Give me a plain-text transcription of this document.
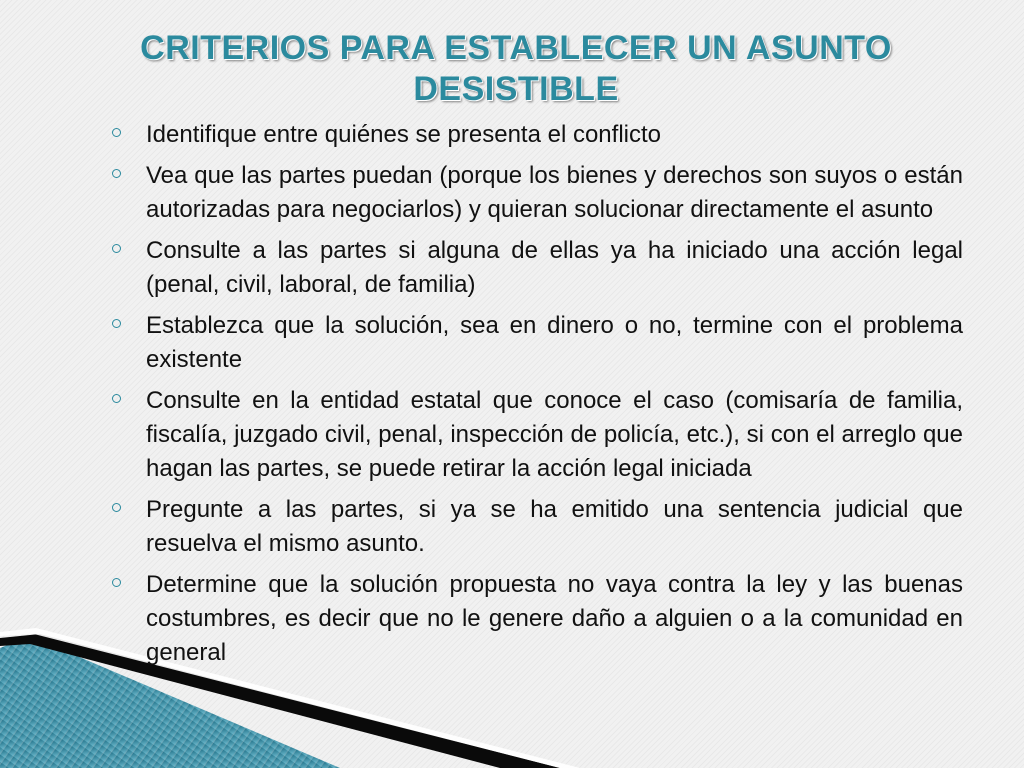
CRITERIOS PARA ESTABLECER UN ASUNTO DESISTIBLE
Identifique entre quiénes se presenta el conflicto
Vea que las partes puedan (porque los bienes y derechos son suyos o están autorizadas para negociarlos) y quieran solucionar directamente el asunto
Consulte a las partes si alguna de ellas ya ha iniciado una acción legal (penal, civil, laboral, de familia)
Establezca que la solución, sea en dinero o no, termine con el problema existente
Consulte en la entidad estatal que conoce el caso (comisaría de familia, fiscalía, juzgado civil, penal, inspección de policía, etc.), si con el arreglo que hagan las partes, se puede retirar la acción legal iniciada
Pregunte a las partes, si ya se ha emitido una sentencia judicial que resuelva el mismo asunto.
Determine que la solución propuesta no vaya contra la ley y las buenas costumbres, es decir que no le genere daño a alguien o a la comunidad en general
